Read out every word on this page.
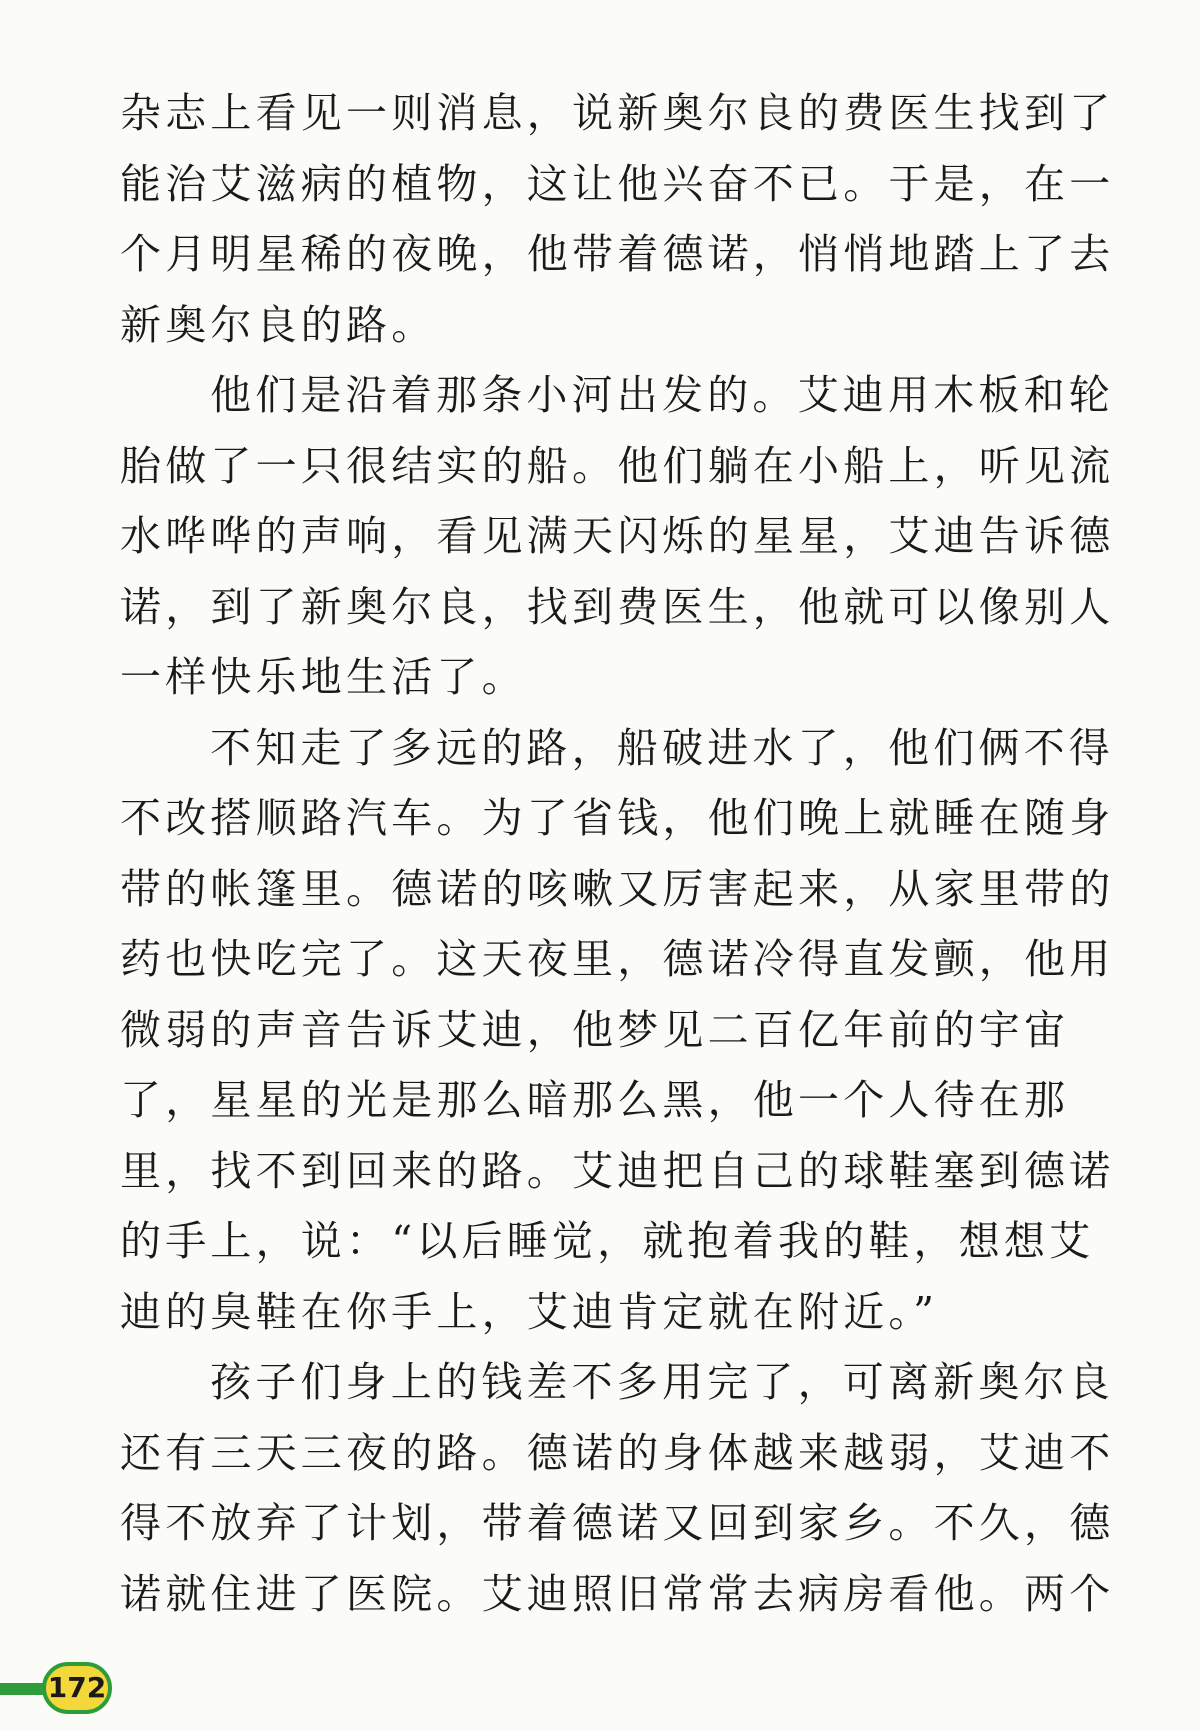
杂志上看见一则消息，说新奥尔良的费医生找到了
能治艾滋病的植物，这让他兴奋不已。于是，在一
个月明星稀的夜晚，他带着德诺，悄悄地踏上了去
新奥尔良的路。
他们是沿着那条小河出发的。艾迪用木板和轮
胎做了一只很结实的船。他们躺在小船上，听见流
水哗哗的声响，看见满天闪烁的星星，艾迪告诉德
诺，到了新奥尔良，找到费医生，他就可以像别人
一样快乐地生活了。
不知走了多远的路，船破进水了，他们俩不得
不改搭顺路汽车。为了省钱，他们晚上就睡在随身
带的帐篷里。德诺的咳嗽又厉害起来，从家里带的
药也快吃完了。这天夜里，德诺冷得直发颤，他用
微弱的声音告诉艾迪，他梦见二百亿年前的宇宙
了，星星的光是那么暗那么黑，他一个人待在那
里，找不到回来的路。艾迪把自己的球鞋塞到德诺
的手上，说：“以后睡觉，就抱着我的鞋，想想艾
迪的臭鞋在你手上，艾迪肯定就在附近。”
孩子们身上的钱差不多用完了，可离新奥尔良
还有三天三夜的路。德诺的身体越来越弱，艾迪不
得不放弃了计划，带着德诺又回到家乡。不久，德
诺就住进了医院。艾迪照旧常常去病房看他。两个
172
